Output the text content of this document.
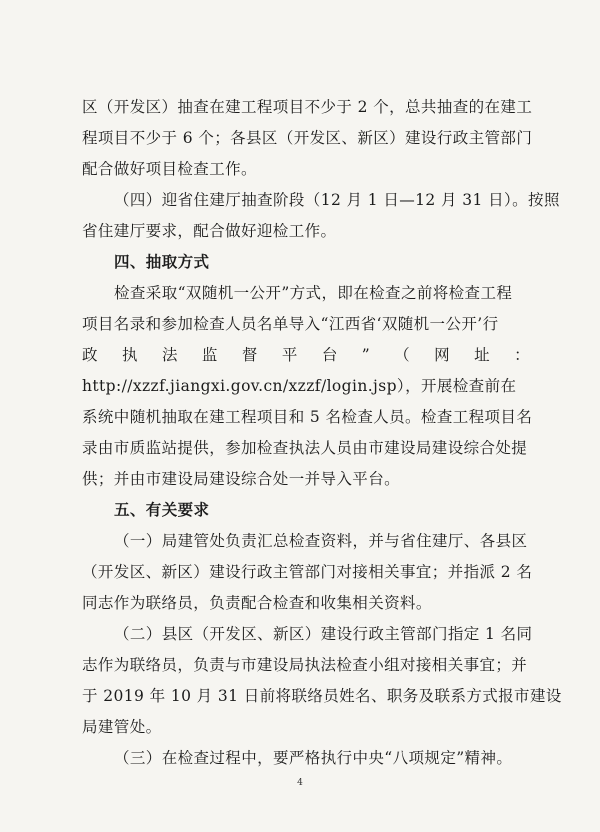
区（开发区）抽查在建工程项目不少于 2 个，总共抽查的在建工
程项目不少于 6 个；各县区（开发区、新区）建设行政主管部门
配合做好项目检查工作。
（四）迎省住建厅抽查阶段（12 月 1 日—12 月 31 日）。按照
省住建厅要求，配合做好迎检工作。
四、抽取方式
检查采取“双随机一公开”方式，即在检查之前将检查工程
项目名录和参加检查人员名单导入“江西省‘双随机一公开’行
政 执 法 监 督 平 台 ” （ 网 址 ：
http://xzzf.jiangxi.gov.cn/xzzf/login.jsp），开展检查前在
系统中随机抽取在建工程项目和 5 名检查人员。检查工程项目名
录由市质监站提供，参加检查执法人员由市建设局建设综合处提
供；并由市建设局建设综合处一并导入平台。
五、有关要求
（一）局建管处负责汇总检查资料，并与省住建厅、各县区
（开发区、新区）建设行政主管部门对接相关事宜；并指派 2 名
同志作为联络员，负责配合检查和收集相关资料。
（二）县区（开发区、新区）建设行政主管部门指定 1 名同
志作为联络员，负责与市建设局执法检查小组对接相关事宜；并
于 2019 年 10 月 31 日前将联络员姓名、职务及联系方式报市建设
局建管处。
（三）在检查过程中，要严格执行中央“八项规定”精神。
4
